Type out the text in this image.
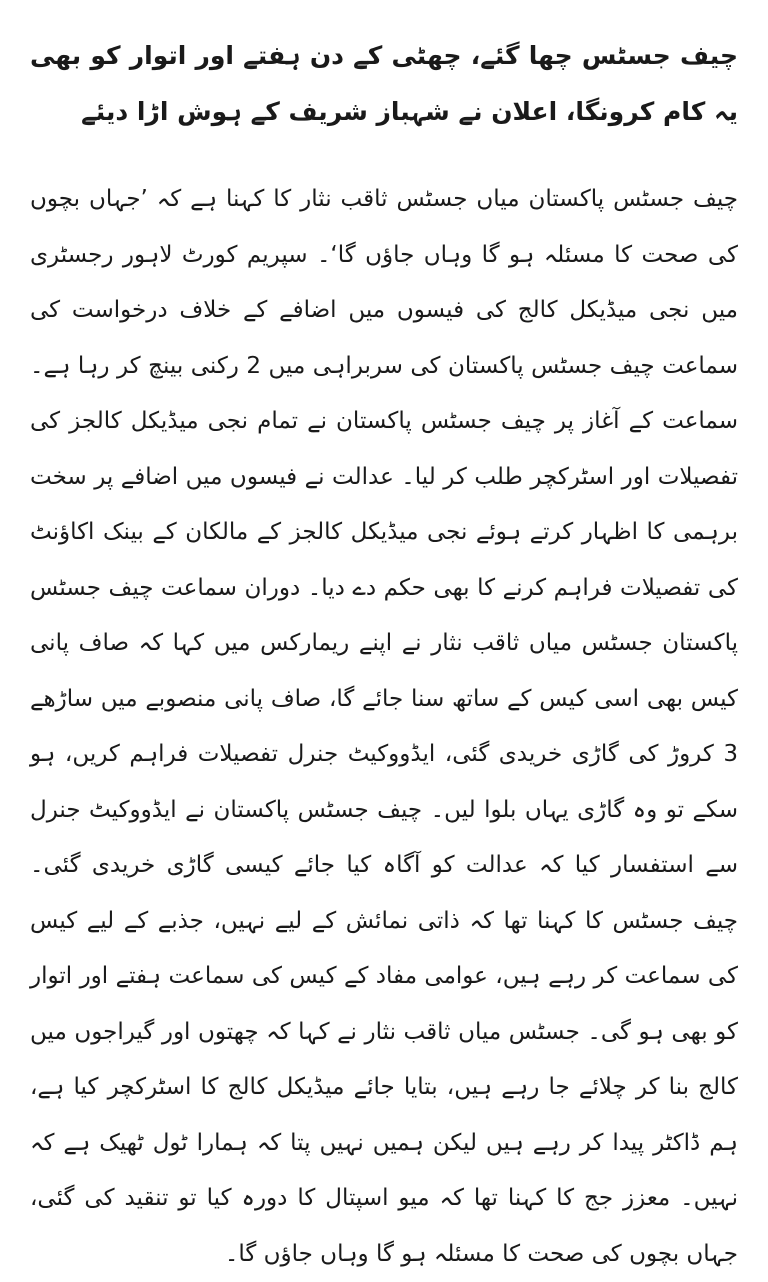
چیف جسٹس چھا گئے، چھٹی کے دن ہفتے اور اتوار کو بھی یہ کام کرونگا، اعلان نے شہباز شریف کے ہوش اڑا دیئے

چیف جسٹس پاکستان میاں جسٹس ثاقب نثار کا کہنا ہے کہ ’جہاں بچوں کی صحت کا مسئلہ ہو گا وہاں جاؤں گا‘۔ سپریم کورٹ لاہور رجسٹری میں نجی میڈیکل کالج کی فیسوں میں اضافے کے خلاف درخواست کی سماعت چیف جسٹس پاکستان کی سربراہی میں 2 رکنی بینچ کر رہا ہے۔ سماعت کے آغاز پر چیف جسٹس پاکستان نے تمام نجی میڈیکل کالجز کی تفصیلات اور اسٹرکچر طلب کر لیا۔ عدالت نے فیسوں میں اضافے پر سخت برہمی کا اظہار کرتے ہوئے نجی میڈیکل کالجز کے مالکان کے بینک اکاؤنٹ کی تفصیلات فراہم کرنے کا بھی حکم دے دیا۔ دوران سماعت چیف جسٹس پاکستان جسٹس میاں ثاقب نثار نے اپنے ریمارکس میں کہا کہ صاف پانی کیس بھی اسی کیس کے ساتھ سنا جائے گا، صاف پانی منصوبے میں ساڑھے 3 کروڑ کی گاڑی خریدی گئی، ایڈووکیٹ جنرل تفصیلات فراہم کریں، ہو سکے تو وہ گاڑی یہاں بلوا لیں۔ چیف جسٹس پاکستان نے ایڈووکیٹ جنرل سے استفسار کیا کہ عدالت کو آگاہ کیا جائے کیسی گاڑی خریدی گئی۔ چیف جسٹس کا کہنا تھا کہ ذاتی نمائش کے لیے نہیں، جذبے کے لیے کیس کی سماعت کر رہے ہیں، عوامی مفاد کے کیس کی سماعت ہفتے اور اتوار کو بھی ہو گی۔ جسٹس میاں ثاقب نثار نے کہا کہ چھتوں اور گیراجوں میں کالج بنا کر چلائے جا رہے ہیں، بتایا جائے میڈیکل کالج کا اسٹرکچر کیا ہے، ہم ڈاکٹر پیدا کر رہے ہیں لیکن ہمیں نہیں پتا کہ ہمارا ٹول ٹھیک ہے کہ نہیں۔ معزز جج کا کہنا تھا کہ میو اسپتال کا دورہ کیا تو تنقید کی گئی، جہاں بچوں کی صحت کا مسئلہ ہو گا وہاں جاؤں گا۔
